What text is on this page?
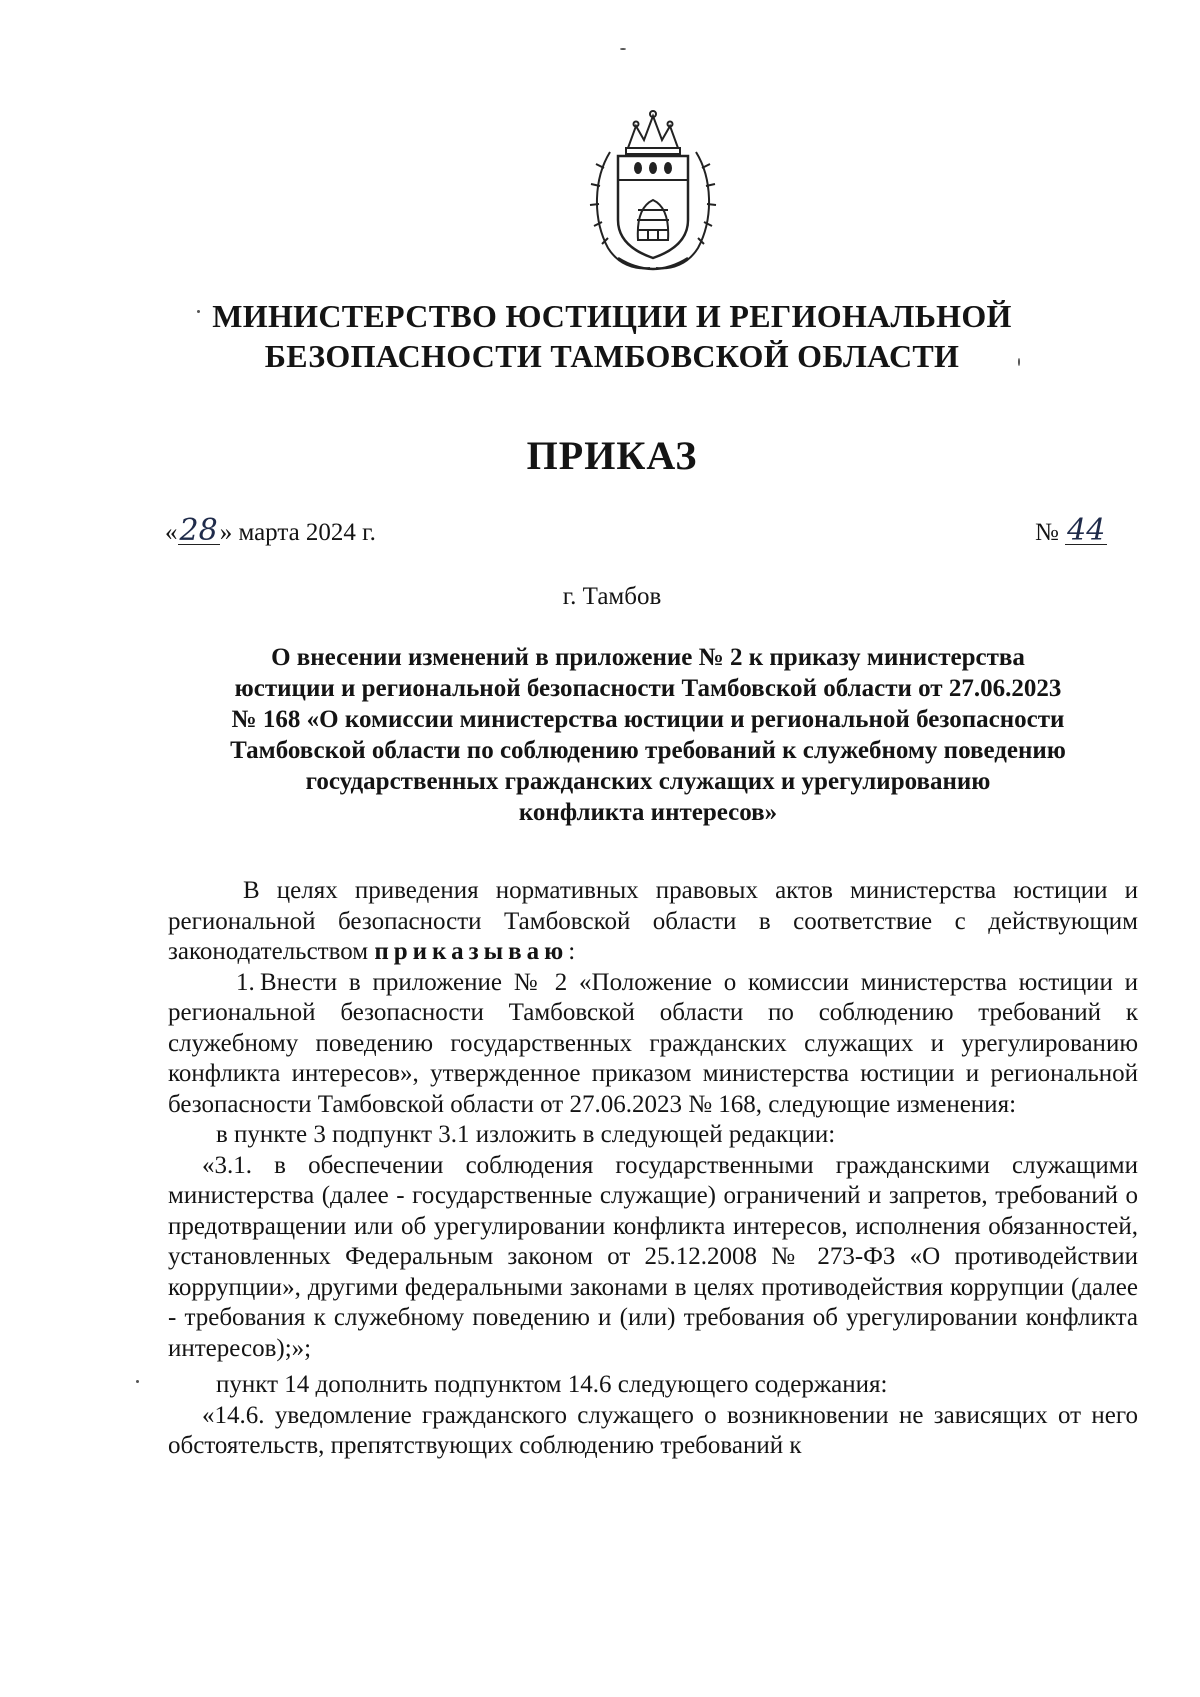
МИНИСТЕРСТВО ЮСТИЦИИ И РЕГИОНАЛЬНОЙ
БЕЗОПАСНОСТИ ТАМБОВСКОЙ ОБЛАСТИ
ПРИКАЗ
«28» марта 2024 г.	№ 44
г. Тамбов
О внесении изменений в приложение № 2 к приказу министерства
юстиции и региональной безопасности Тамбовской области от 27.06.2023
№ 168 «О комиссии министерства юстиции и региональной безопасности
Тамбовской области по соблюдению требований к служебному поведению
государственных гражданских служащих и урегулированию
конфликта интересов»

В целях приведения нормативных правовых актов министерства юстиции и региональной безопасности Тамбовской области в соответствие с действующим законодательством приказываю:

1. Внести в приложение № 2 «Положение о комиссии министерства юстиции и региональной безопасности Тамбовской области по соблюдению требований к служебному поведению государственных гражданских служащих и урегулированию конфликта интересов», утвержденное приказом министерства юстиции и региональной безопасности Тамбовской области от 27.06.2023 № 168, следующие изменения:

в пункте 3 подпункт 3.1 изложить в следующей редакции:

«3.1. в обеспечении соблюдения государственными гражданскими служащими министерства (далее - государственные служащие) ограничений и запретов, требований о предотвращении или об урегулировании конфликта интересов, исполнения обязанностей, установленных Федеральным законом от 25.12.2008 № 273-ФЗ «О противодействии коррупции», другими федеральными законами в целях противодействия коррупции (далее - требования к служебному поведению и (или) требования об урегулировании конфликта интересов);»;

пункт 14 дополнить подпунктом 14.6 следующего содержания:

«14.6. уведомление гражданского служащего о возникновении не зависящих от него обстоятельств, препятствующих соблюдению требований к
